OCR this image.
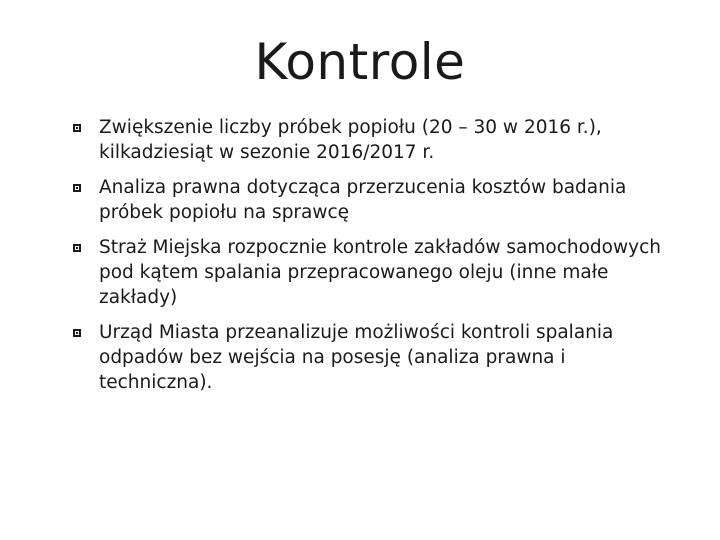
Kontrole
Zwiększenie liczby próbek popiołu (20 – 30 w 2016 r.), kilkadziesiąt w sezonie 2016/2017 r.
Analiza prawna dotycząca przerzucenia kosztów badania próbek popiołu na sprawcę
Straż Miejska rozpocznie kontrole zakładów samochodowych pod kątem spalania przepracowanego oleju (inne małe zakłady)
Urząd Miasta przeanalizuje możliwości kontroli spalania odpadów bez wejścia na posesję (analiza prawna i techniczna).
